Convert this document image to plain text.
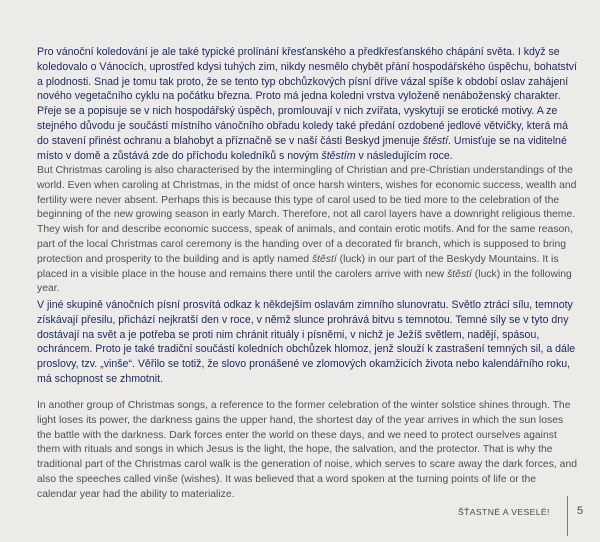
Pro vánoční koledování je ale také typické prolínání křesťanského a předkřesťanského chápání světa. I když se koledovalo o Vánocích, uprostřed kdysi tuhých zim, nikdy nesmělo chybět přání hospodářského úspěchu, bohatství a plodnosti. Snad je tomu tak proto, že se tento typ obchůzkových písní dříve vázal spíše k období oslav zahájení nového vegetačního cyklu na počátku března. Proto má jedna koledni vrstva vyloženě nenáboženský charakter. Přeje se a popisuje se v nich hospodářský úspěch, promlouvají v nich zvířata, vyskytují se erotické motivy. A ze stejného důvodu je součástí místního vánočního obřadu koledy také předání ozdobené jedlové větvičky, která má do stavení přinést ochranu a blahobyt a příznačně se v naší části Beskyd jmenuje štěstí. Umisťuje se na viditelné místo v domě a zůstává zde do příchodu koledníků s novým štěstím v následujícím roce.

But Christmas caroling is also characterised by the intermingling of Christian and pre-Christian understandings of the world. Even when caroling at Christmas, in the midst of once harsh winters, wishes for economic success, wealth and fertility were never absent. Perhaps this is because this type of carol used to be tied more to the celebration of the beginning of the new growing season in early March. Therefore, not all carol layers have a downright religious theme. They wish for and describe economic success, speak of animals, and contain erotic motifs. And for the same reason, part of the local Christmas carol ceremony is the handing over of a decorated fir branch, which is supposed to bring protection and prosperity to the building and is aptly named štěstí (luck) in our part of the Beskydy Mountains. It is placed in a visible place in the house and remains there until the carolers arrive with new štěstí (luck) in the following year.

V jiné skupině vánočních písní prosvítá odkaz k někdejším oslavám zimního slunovratu. Světlo ztrácí sílu, temnoty získávají přesilu, přichází nejkratší den v roce, v němž slunce prohrává bitvu s temnotou. Temné síly se v tyto dny dostávají na svět a je potřeba se proti nim chránit rituály i písněmi, v nichž je Ježíš světlem, nadějí, spásou, ochráncem. Proto je také tradiční součástí koledních obchůzek hlomoz, jenž slouží k zastrašení temných sil, a dále proslovy, tzv. „vinše“. Věřilo se totiž, že slovo pronášené ve zlomových okamžicích života nebo kalendářního roku, má schopnost se zhmotnit.

In another group of Christmas songs, a reference to the former celebration of the winter solstice shines through. The light loses its power, the darkness gains the upper hand, the shortest day of the year arrives in which the sun loses the battle with the darkness. Dark forces enter the world on these days, and we need to protect ourselves against them with rituals and songs in which Jesus is the light, the hope, the salvation, and the protector. That is why the traditional part of the Christmas carol walk is the generation of noise, which serves to scare away the dark forces, and also the speeches called vinše (wishes). It was believed that a word spoken at the turning points of life or the calendar year had the ability to materialize.

ŠŤASTNÉ A VESELÉ! 5
